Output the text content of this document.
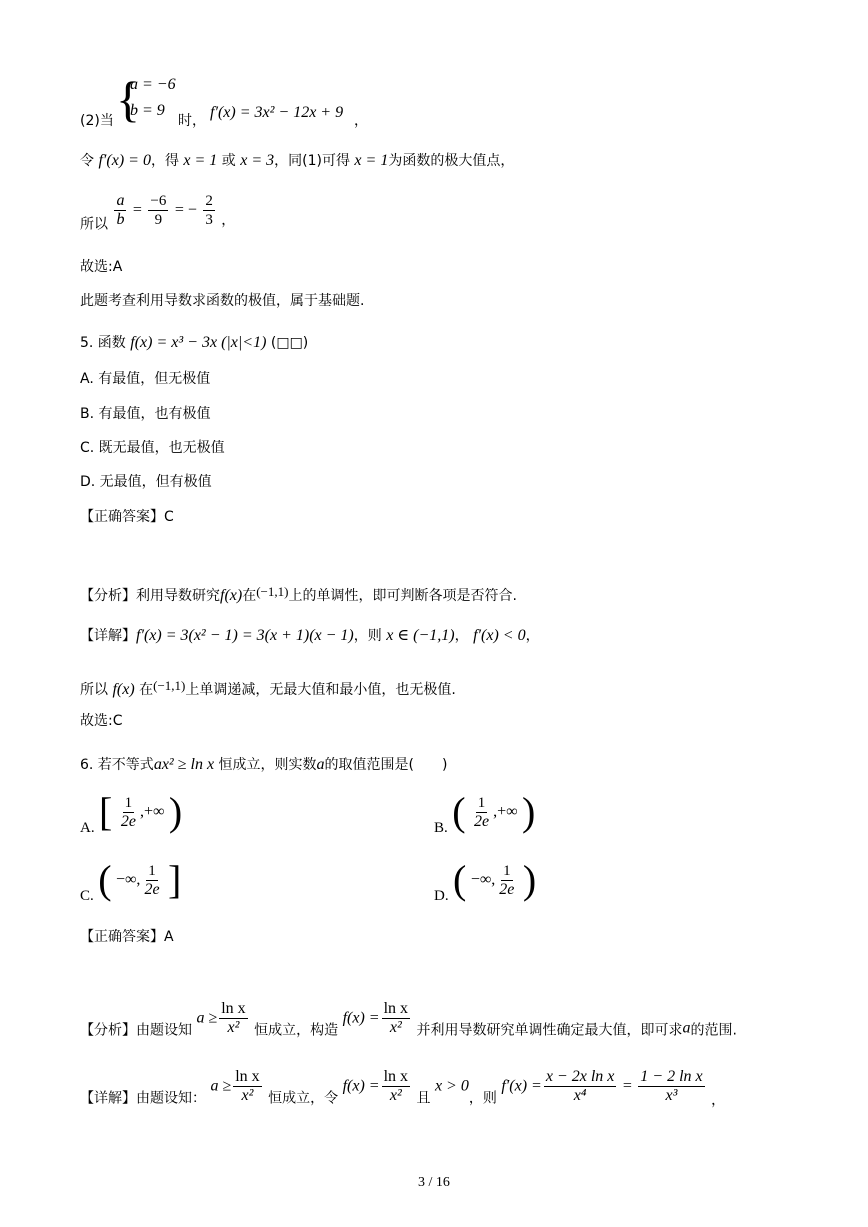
{
a = −6
b = 9
(2)当	时， f′(x) = 3x² − 12x + 9 ，
令 f′(x) = 0，得 x = 1 或 x = 3，同(1)可得 x = 1为函数的极大值点，
所以 $\frac{a}{b} = \frac{-6}{9}$ = − $\frac{2}{3}$ ，
故选:A
此题考查利用导数求函数的极值，属于基础题.
5. 函数 f(x) = x³ − 3x (|x|<1) (□□)
A. 有最值，但无极值
B. 有最值，也有极值
C. 既无最值，也无极值
D. 无最值，但有极值
【正确答案】C
【分析】利用导数研究f(x)在(−1,1)上的单调性，即可判断各项是否符合.
【详解】f′(x) = 3(x² − 1) = 3(x + 1)(x − 1)，则 x ∈ (−1,1)， f′(x) < 0，
所以 f(x) 在(−1,1)上单调递减，无最大值和最小值，也无极值.
故选:C
6. 若不等式ax² ≥ ln x 恒成立，则实数a的取值范围是(　　)
A. [ $\frac{1}{2e}$ ,+∞ )	B. ( $\frac{1}{2e}$ ,+∞ )
C. ( −∞, $\frac{1}{2e}$ ]	D. ( −∞, $\frac{1}{2e}$ )
【正确答案】A
【分析】由题设知 $a \ge \frac{\text{ln x}}{\text{x²}}$ 恒成立，构造 $f(x) = \frac{\text{ln x}}{\text{x²}}$ 并利用导数研究单调性确定最大值，即可求a的范围.
【详解】由题设知： $a \ge \frac{\text{ln x}}{\text{x²}}$ 恒成立，令 $f(x) = \frac{\text{ln x}}{\text{x²}}$ 且 x > 0，则 $f'(x) = \frac{\text{x − 2x ln x}}{\text{x⁴}} = \frac{\text{1 − 2 ln x}}{\text{x³}}$ ，
3 / 16
